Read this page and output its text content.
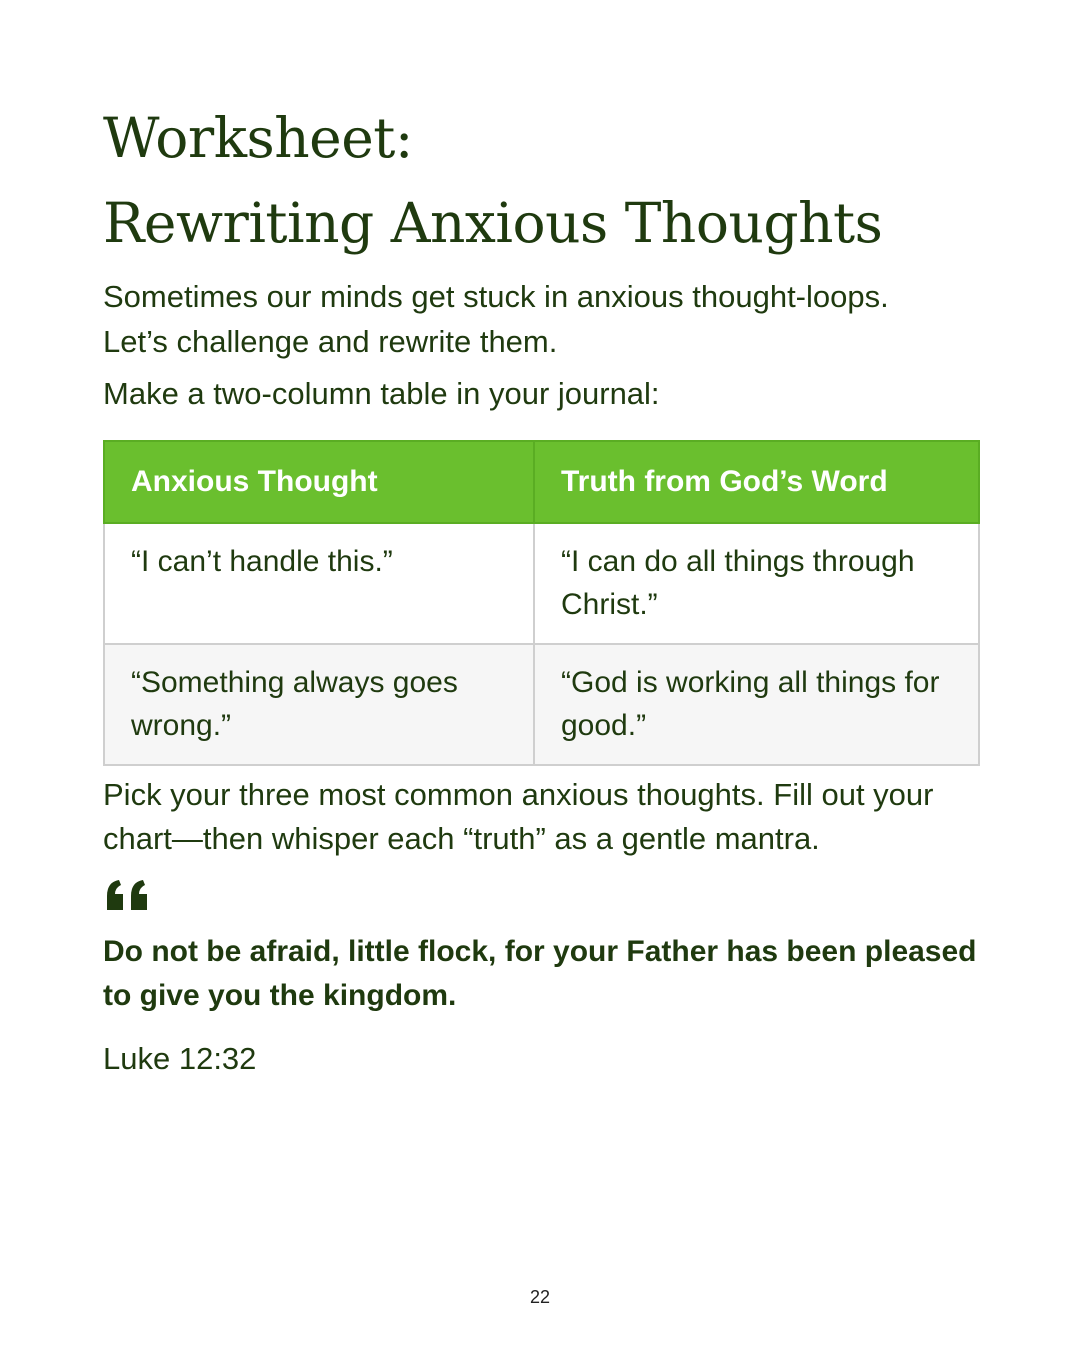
Worksheet:
Rewriting Anxious Thoughts

Sometimes our minds get stuck in anxious thought-loops.
Let’s challenge and rewrite them.

Make a two-column table in your journal:

Anxious Thought	Truth from God’s Word
“I can’t handle this.”	“I can do all things through Christ.”
“Something always goes wrong.”	“God is working all things for good.”

Pick your three most common anxious thoughts. Fill out your chart—then whisper each “truth” as a gentle mantra.

Do not be afraid, little flock, for your Father has been pleased to give you the kingdom.

Luke 12:32

22
